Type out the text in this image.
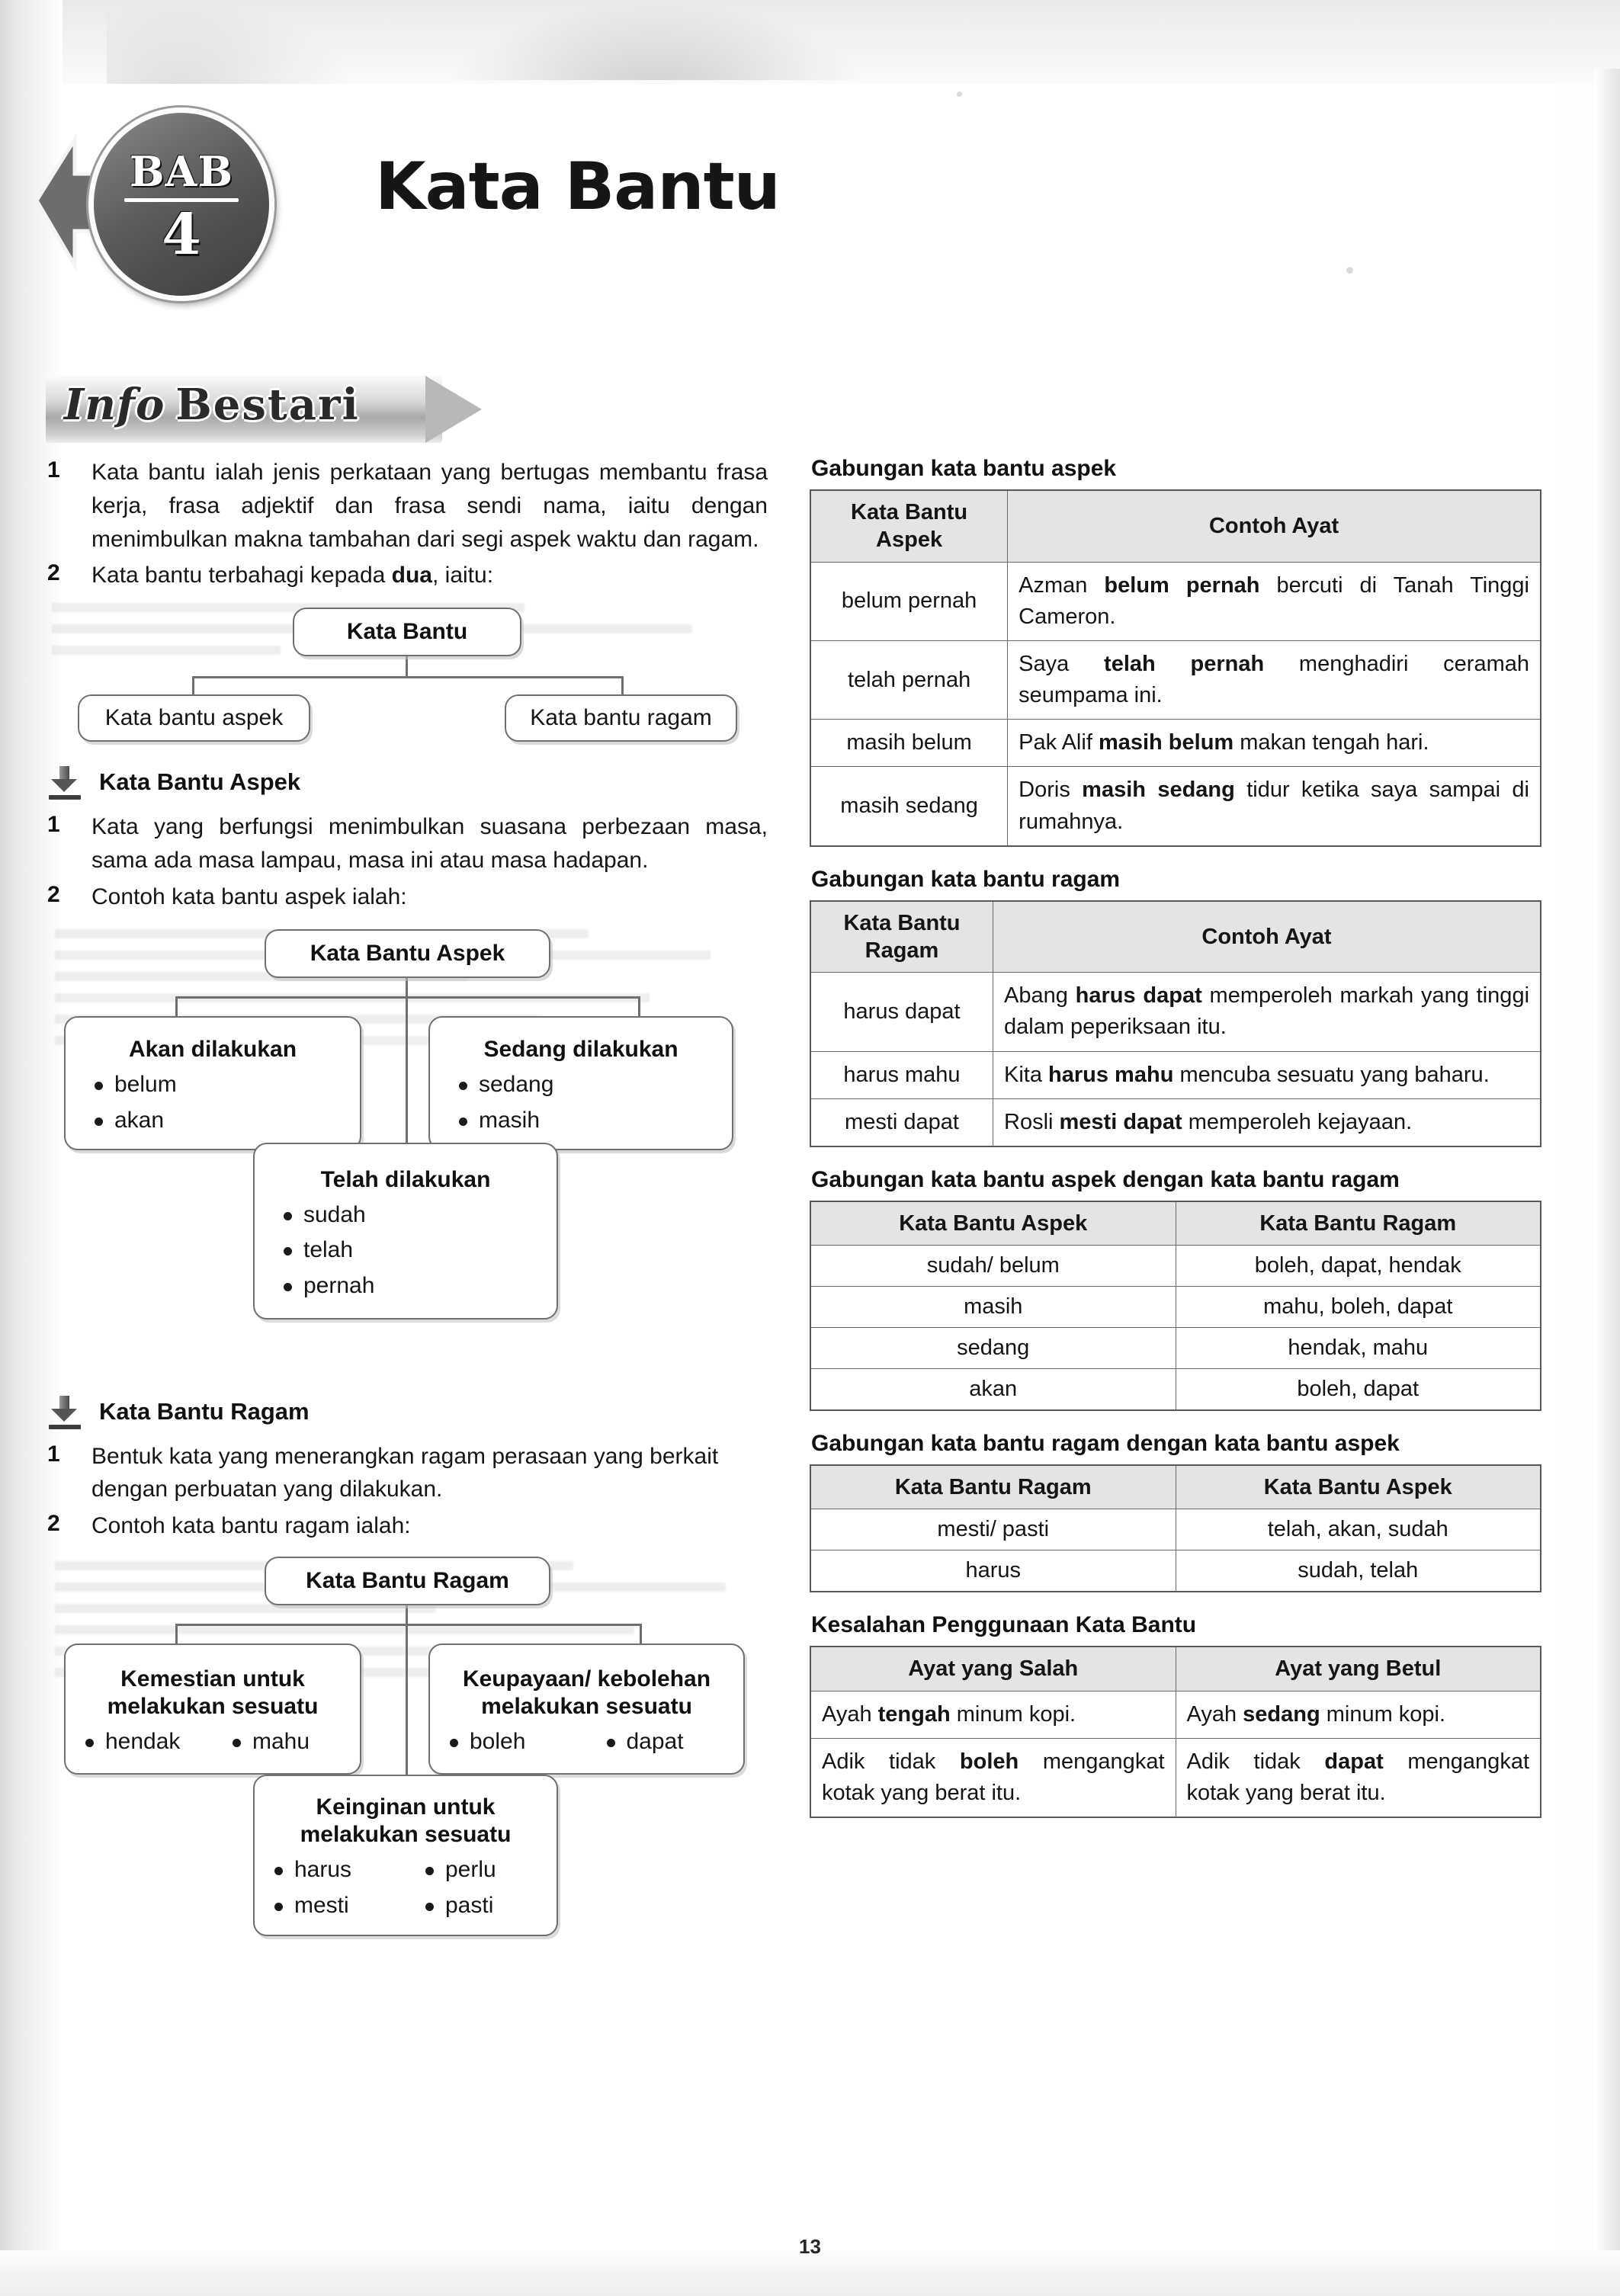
BAB
4
Kata Bantu
Info Bestari
1	Kata bantu ialah jenis perkataan yang bertugas membantu frasa kerja, frasa adjektif dan frasa sendi nama, iaitu dengan menimbulkan makna tambahan dari segi aspek waktu dan ragam.
2	Kata bantu terbahagi kepada dua, iaitu:
Kata Bantu
Kata bantu aspek	Kata bantu ragam
Kata Bantu Aspek
1	Kata yang berfungsi menimbulkan suasana perbezaan masa, sama ada masa lampau, masa ini atau masa hadapan.
2	Contoh kata bantu aspek ialah:
Kata Bantu Aspek
Akan dilakukan
belum
akan
Sedang dilakukan
sedang
masih
Telah dilakukan
sudah
telah
pernah
Kata Bantu Ragam
1	Bentuk kata yang menerangkan ragam perasaan yang berkait dengan perbuatan yang dilakukan.
2	Contoh kata bantu ragam ialah:
Kata Bantu Ragam
Kemestian untuk melakukan sesuatu
hendak	mahu
Keupayaan/ kebolehan melakukan sesuatu
boleh	dapat
Keinginan untuk melakukan sesuatu
harus	perlu
mesti	pasti
Gabungan kata bantu aspek
Kata Bantu Aspek	Contoh Ayat
belum pernah	Azman belum pernah bercuti di Tanah Tinggi Cameron.
telah pernah	Saya telah pernah menghadiri ceramah seumpama ini.
masih belum	Pak Alif masih belum makan tengah hari.
masih sedang	Doris masih sedang tidur ketika saya sampai di rumahnya.
Gabungan kata bantu ragam
Kata Bantu Ragam	Contoh Ayat
harus dapat	Abang harus dapat memperoleh markah yang tinggi dalam peperiksaan itu.
harus mahu	Kita harus mahu mencuba sesuatu yang baharu.
mesti dapat	Rosli mesti dapat memperoleh kejayaan.
Gabungan kata bantu aspek dengan kata bantu ragam
Kata Bantu Aspek	Kata Bantu Ragam
sudah/ belum	boleh, dapat, hendak
masih	mahu, boleh, dapat
sedang	hendak, mahu
akan	boleh, dapat
Gabungan kata bantu ragam dengan kata bantu aspek
Kata Bantu Ragam	Kata Bantu Aspek
mesti/ pasti	telah, akan, sudah
harus	sudah, telah
Kesalahan Penggunaan Kata Bantu
Ayat yang Salah	Ayat yang Betul
Ayah tengah minum kopi.	Ayah sedang minum kopi.
Adik tidak boleh mengangkat kotak yang berat itu.	Adik tidak dapat mengangkat kotak yang berat itu.
13
